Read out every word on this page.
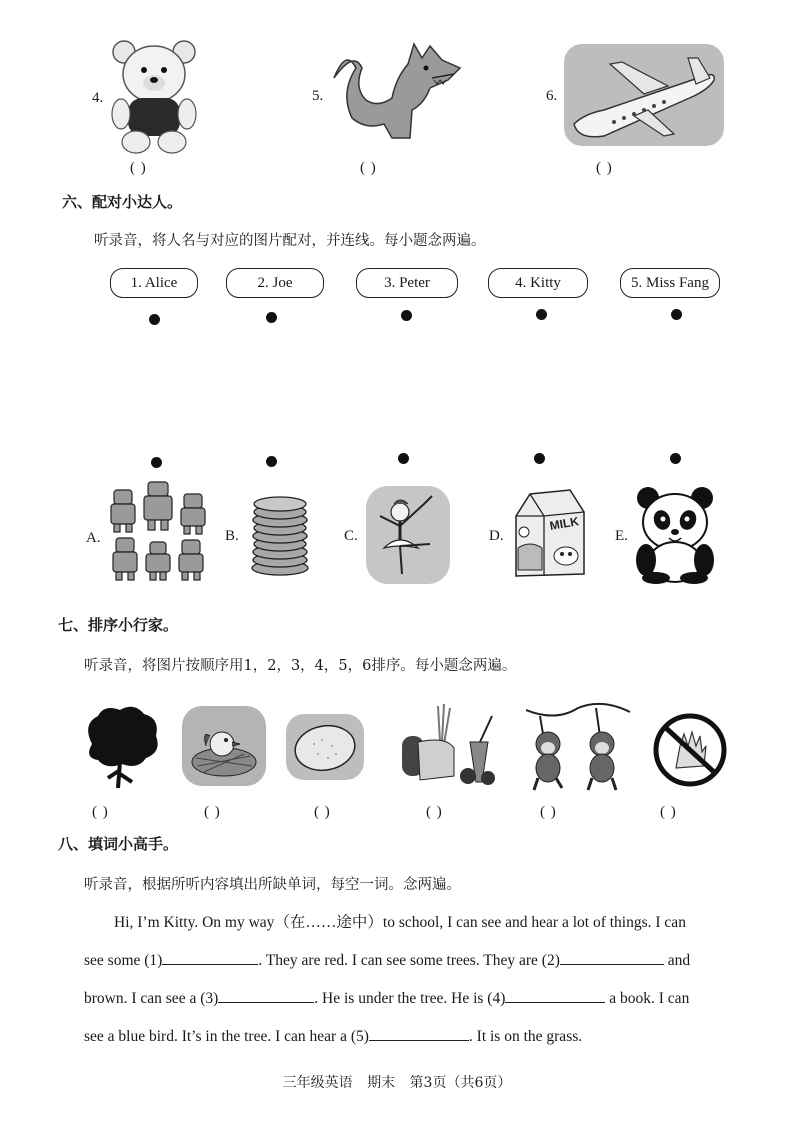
4.
( )
5.
( )
6.
( )
六、配对小达人。
听录音，将人名与对应的图片配对，并连线。每小题念两遍。
1. Alice	2. Joe	3. Peter	4. Kitty	5. Miss Fang
A.	B.	C.	D.
MILK
E.
七、排序小行家。
听录音，将图片按顺序用1，2，3，4，5，6排序。每小题念两遍。
( )	( )	( )	( )	( )	( )
八、填词小高手。
听录音，根据所听内容填出所缺单词，每空一词。念两遍。

Hi, I’m Kitty. On my way（在……途中）to school, I can see and hear a lot of things. I can

see some (1)	. They are red. I can see some trees. They are (2)	and

brown. I can see a (3)	. He is under the tree. He is (4)	a book. I can

see a blue bird. It’s in the tree. I can hear a (5)	. It is on the grass.

三年级英语 期末 第3页（共6页）
